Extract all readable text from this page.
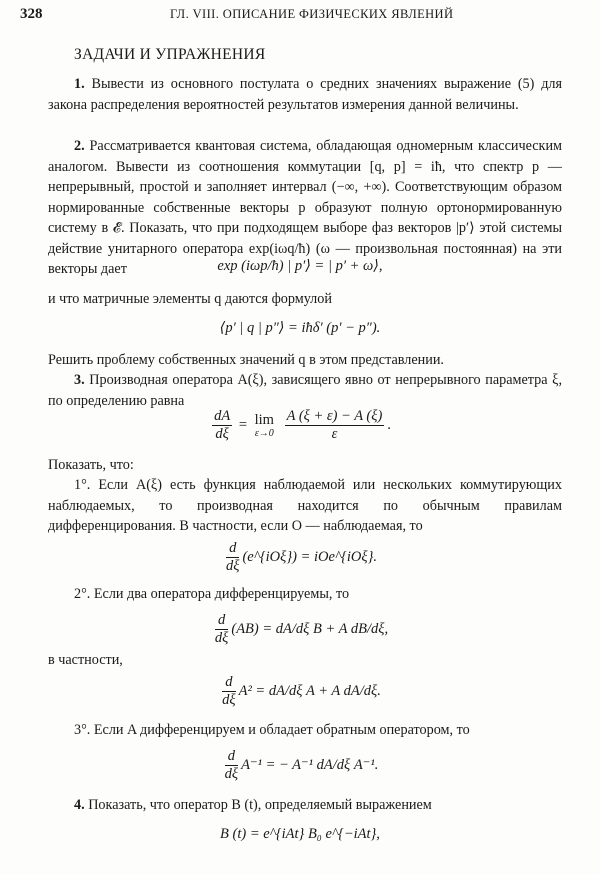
328	ГЛ. VIII. ОПИСАНИЕ ФИЗИЧЕСКИХ ЯВЛЕНИЙ
ЗАДАЧИ И УПРАЖНЕНИЯ

1. Вывести из основного постулата о средних значениях выражение (5) для закона распределения вероятностей результатов измерения данной величины.

2. Рассматривается квантовая система, обладающая одномерным классическим аналогом. Вывести из соотношения коммутации [q, p] = iħ, что спектр p — непрерывный, простой и заполняет интервал (−∞, +∞). Соответствующим образом нормированные собственные векторы p образуют полную ортонормированную систему в 𝓔. Показать, что при подходящем выборе фаз векторов |p′⟩ этой системы действие унитарного оператора exp(iωq/ħ) (ω — произвольная постоянная) на эти векторы дает	exp (iωp/ħ) | p′⟩ = | p′ + ω⟩,

и что матричные элементы q даются формулой

⟨p′ | q | p″⟩ = iħδ′ (p′ − p″).

Решить проблему собственных значений q в этом представлении.

3. Производная оператора A(ξ), зависящего явно от непрерывного параметра ξ, по определению равна

$\frac{dA}{d\xi} = \lim$
ε→0
$\frac{A (\xi + \varepsilon) - A (\xi)}{\varepsilon}$ .

Показать, что:

1°. Если A(ξ) есть функция наблюдаемой или нескольких коммутирующих наблюдаемых, то производная находится по обычным правилам дифференцирования. В частности, если O — наблюдаемая, то

$\frac{d}{d\xi}$ (e^{iOξ}) = iOe^{iOξ}.

2°. Если два оператора дифференцируемы, то

$\frac{d}{d\xi} (AB) = dA/d\xi$ B + A dB/dξ,

в частности,

$\frac{d}{d\xi} A^2 = dA/d\xi$ A + A dA/dξ.

3°. Если A дифференцируем и обладает обратным оператором, то

$\frac{d}{d\xi} A^{-1}$ = − A⁻¹ dA/dξ A⁻¹.

4. Показать, что оператор B (t), определяемый выражением

B (t) = e^{iAt} B₀ e^{−iAt},
